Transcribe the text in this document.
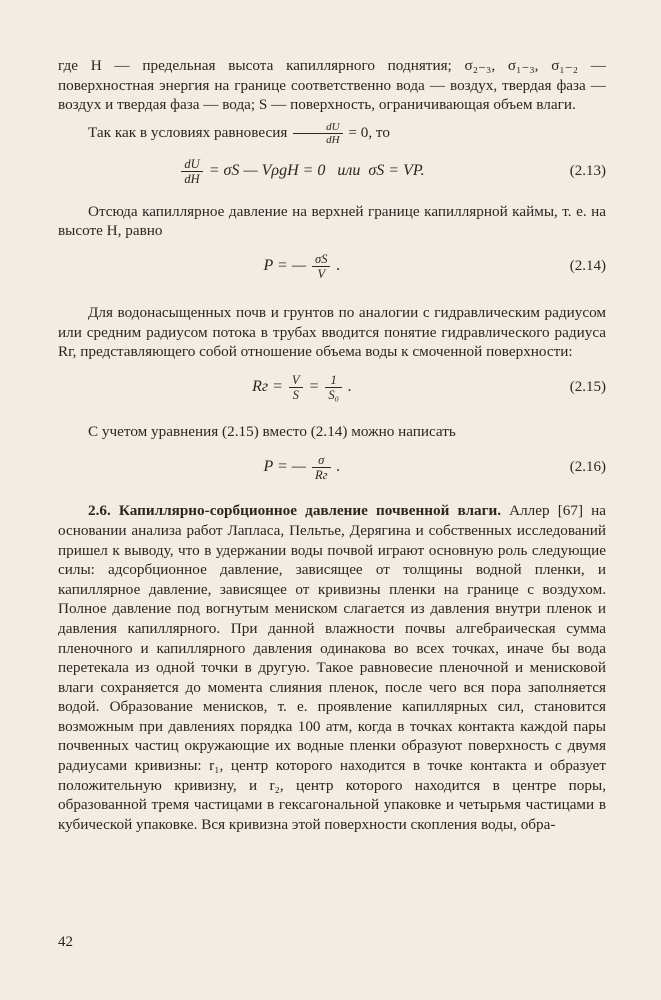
где H — предельная высота капиллярного поднятия; σ₂₋₃, σ₁₋₃, σ₁₋₂ — поверхностная энергия на границе соответственно вода — воздух, твердая фаза — воздух и твердая фаза — вода; S — поверхность, ограничивающая объем влаги.

Так как в условиях равновесия $\frac{dU}{dH} = 0$, то

$\frac{dU}{dH} = \sigma S$ — VρgH = 0   или  σS = VP.	(2.13)

Отсюда капиллярное давление на верхней границе капиллярной каймы, т. е. на высоте H, равно

P = — $\frac{\sigma S}{V}$ .	(2.14)

Для водонасыщенных почв и грунтов по аналогии с гидравлическим радиусом или средним радиусом потока в трубах вводится понятие гидравлического радиуса Rг, представляющего собой отношение объема воды к смоченной поверхности:

Rг = $\frac{V}{S} = \frac{1}{\text{S₀}}$ .	(2.15)

С учетом уравнения (2.15) вместо (2.14) можно написать

P = — $\frac{\sigma}{Rг}$ .	(2.16)

2.6. Капиллярно-сорбционное давление почвенной влаги. Аллер [67] на основании анализа работ Лапласа, Пельтье, Дерягина и собственных исследований пришел к выводу, что в удержании воды почвой играют основную роль следующие силы: адсорбционное давление, зависящее от толщины водной пленки, и капиллярное давление, зависящее от кривизны пленки на границе с воздухом. Полное давление под вогнутым мениском слагается из давления внутри пленок и давления капиллярного. При данной влажности почвы алгебраическая сумма пленочного и капиллярного давления одинакова во всех точках, иначе бы вода перетекала из одной точки в другую. Такое равновесие пленочной и менисковой влаги сохраняется до момента слияния пленок, после чего вся пора заполняется водой. Образование менисков, т. е. проявление капиллярных сил, становится возможным при давлениях порядка 100 атм, когда в точках контакта каждой пары почвенных частиц окружающие их водные пленки образуют поверхность с двумя радиусами кривизны: r₁, центр которого находится в точке контакта и образует положительную кривизну, и r₂, центр которого находится в центре поры, образованной тремя частицами в гексагональной упаковке и четырьмя частицами в кубической упаковке. Вся кривизна этой поверхности скопления воды, обра-

42
